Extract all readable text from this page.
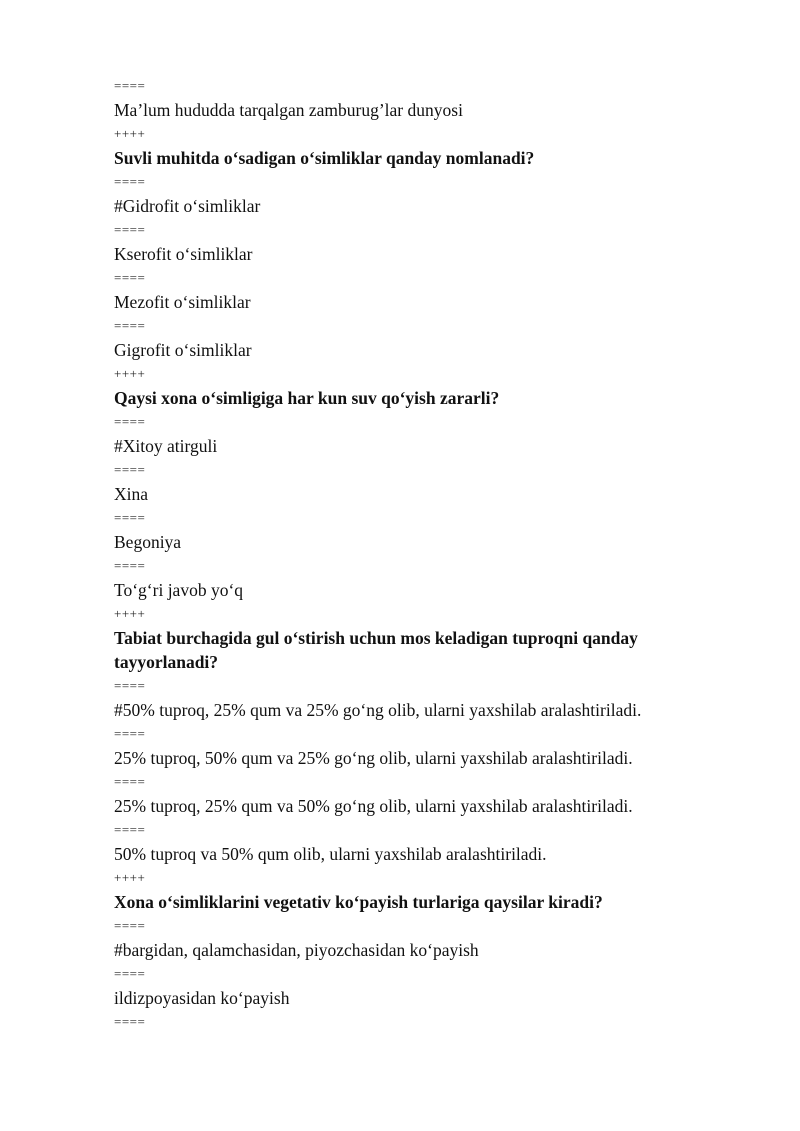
====
Ma’lum hududda tarqalgan zamburug’lar dunyosi
++++
Suvli muhitda oʻsadigan oʻsimliklar qanday nomlanadi?
====
#Gidrofit oʻsimliklar
====
Kserofit oʻsimliklar
====
Mezofit oʻsimliklar
====
Gigrofit oʻsimliklar
++++
Qaysi xona oʻsimligiga har kun suv qoʻyish zararli?
====
#Xitoy atirguli
====
Xina
====
Begoniya
====
Toʻgʻri javob yoʻq
++++
Tabiat burchagida gul oʻstirish uchun mos keladigan tuproqni qanday tayyorlanadi?
====
#50% tuproq, 25% qum va 25% goʻng olib, ularni yaxshilab aralashtiriladi.
====
25% tuproq, 50% qum va 25% goʻng olib, ularni yaxshilab aralashtiriladi.
====
25% tuproq, 25% qum va 50% goʻng olib, ularni yaxshilab aralashtiriladi.
====
50% tuproq va 50% qum olib, ularni yaxshilab aralashtiriladi.
++++
Xona oʻsimliklarini vegetativ koʻpayish turlariga qaysilar kiradi?
====
#bargidan, qalamchasidan, piyozchasidan koʻpayish
====
ildizpoyasidan koʻpayish
====
